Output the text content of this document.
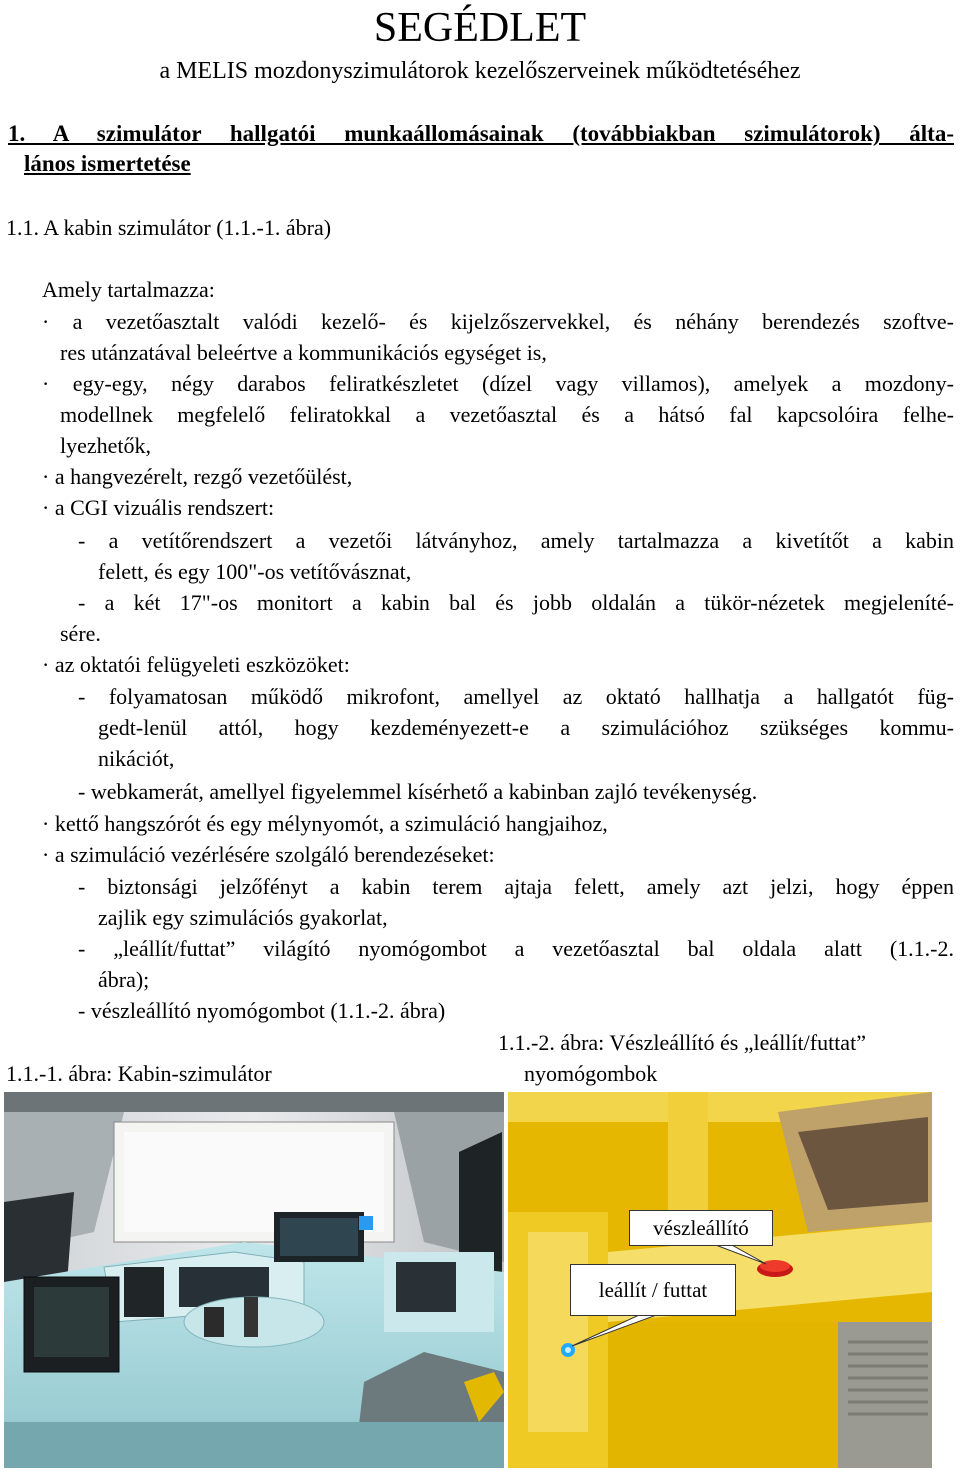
SEGÉDLET
a MELIS mozdonyszimulátorok kezelőszerveinek működtetéséhez
1. A szimulátor hallgatói munkaállomásainak (továbbiakban szimulátorok) álta-
lános ismertetése
1.1. A kabin szimulátor (1.1.-1. ábra)
Amely tartalmazza:
· a vezetőasztalt valódi kezelő- és kijelzőszervekkel, és néhány berendezés szoftve-
res utánzatával beleértve a kommunikációs egységet is,
· egy-egy, négy darabos feliratkészletet (dízel vagy villamos), amelyek a mozdony-
modellnek megfelelő feliratokkal a vezetőasztal és a hátsó fal kapcsolóira felhe-
lyezhetők,
· a hangvezérelt, rezgő vezetőülést,
· a CGI vizuális rendszert:
- a vetítőrendszert a vezetői látványhoz, amely tartalmazza a kivetítőt a kabin
felett, és egy 100"-os vetítővásznat,
- a két 17"-os monitort a kabin bal és jobb oldalán a tükör-nézetek megjeleníté-
sére.
· az oktatói felügyeleti eszközöket:
- folyamatosan működő mikrofont, amellyel az oktató hallhatja a hallgatót füg-
gedt-lenül attól, hogy kezdeményezett-e a szimulációhoz szükséges kommu-
nikációt,
- webkamerát, amellyel figyelemmel kísérhető a kabinban zajló tevékenység.
· kettő hangszórót és egy mélynyomót, a szimuláció hangjaihoz,
· a szimuláció vezérlésére szolgáló berendezéseket:
- biztonsági jelzőfényt a kabin terem ajtaja felett, amely azt jelzi, hogy éppen
zajlik egy szimulációs gyakorlat,
- „leállít/futtat” világító nyomógombot a vezetőasztal bal oldala alatt (1.1.-2.
ábra);
- vészleállító nyomógombot (1.1.-2. ábra)
1.1.-2. ábra: Vészleállító és „leállít/futtat”
1.1.-1. ábra: Kabin-szimulátor	nyomógombok
vészleállító
leállít / futtat
